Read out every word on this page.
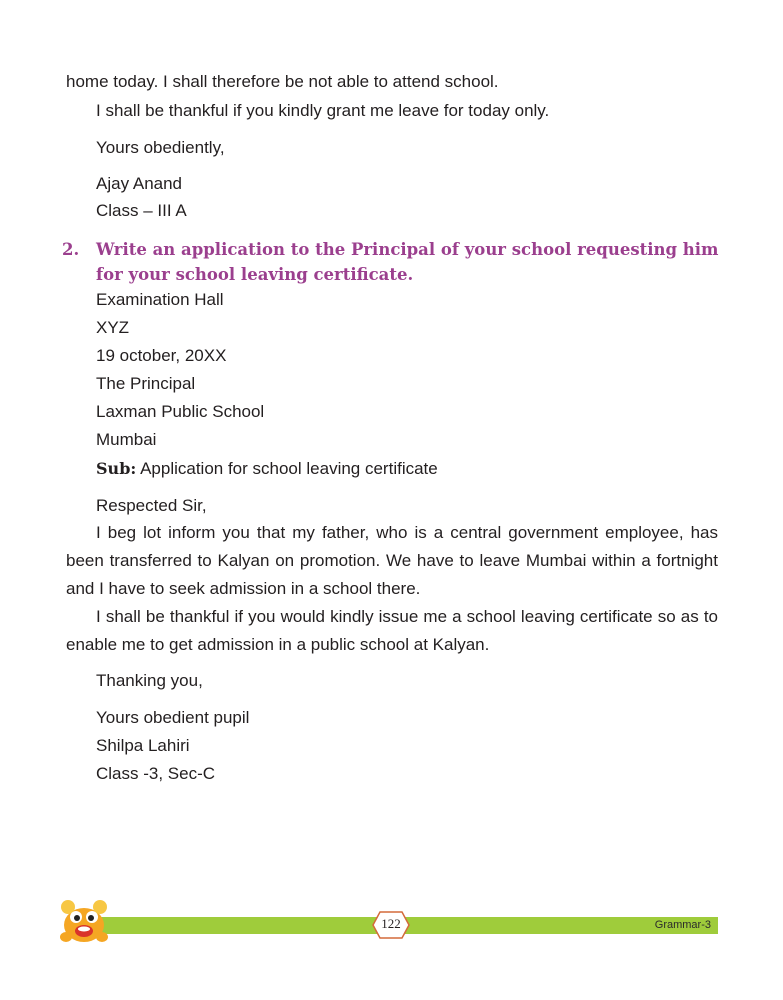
home today. I shall therefore be not able to attend school.
I shall be thankful if you kindly grant me leave for today only.
Yours obediently,
Ajay Anand
Class – III A
2. Write an application to the Principal of your school requesting him
for your school leaving certificate.
Examination Hall
XYZ
19 october, 20XX
The Principal
Laxman Public School
Mumbai
Sub: Application for school leaving certificate
Respected Sir,
I beg lot inform you that my father, who is a central government employee, has been transferred to Kalyan on promotion. We have to leave Mumbai within a fortnight and I have to seek admission in a school there.
I shall be thankful if you would kindly issue me a school leaving certificate so as to enable me to get admission in a public school at Kalyan.
Thanking you,
Yours obedient pupil
Shilpa Lahiri
Class -3, Sec-C
122	Grammar-3
